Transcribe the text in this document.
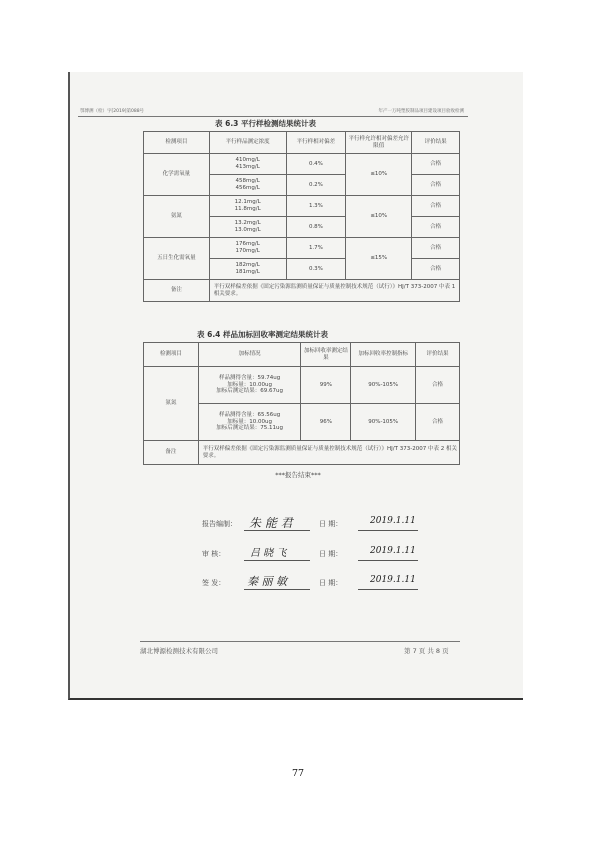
鄂博测（检）字[2019]第088号	年产一万吨塑胶制品项目建设项目验收检测
表 6.3 平行样检测结果统计表
检测项目	平行样品测定浓度	平行样相对偏差	平行样允许相对偏差允许限值	评价结果
化学需氧量	410mg/L
413mg/L	0.4%	≤10%	合格

	458mg/L
456mg/L	0.2%		合格
氨氮	12.1mg/L
11.8mg/L	1.3%	≤10%	合格

	13.2mg/L
13.0mg/L	0.8%		合格
五日生化需氧量	176mg/L
170mg/L	1.7%	≤15%	合格

	182mg/L
181mg/L	0.3%		合格
备注	平行双样偏差依据《固定污染源监测质量保证与质量控制技术规范（试行）》HJ/T 373-2007 中表 1 相关要求。			
表 6.4 样品加标回收率测定结果统计表
检测项目	加标情况	加标回收率测定结果	加标回收率控制指标	评价结果
氨氮	样品测得含量：59.74ug
加标量：10.00ug
加标后测定结果：69.67ug	99%	90%-105%	合格

	样品测得含量：65.56ug
加标量：10.00ug
加标后测定结果：75.11ug	96%	90%-105%	合格
备注	平行双样偏差依据《固定污染源监测质量保证与质量控制技术规范（试行）》HJ/T 373-2007 中表 2 相关要求。			
***报告结束***
报告编制： 朱 能 君	日 期：	2019.1.11
审 核： 吕 晓 飞	日 期：	2019.1.11
签 发： 秦 丽 敏	日 期：	2019.1.11
湖北博源检测技术有限公司	第 7 页 共 8 页
77
